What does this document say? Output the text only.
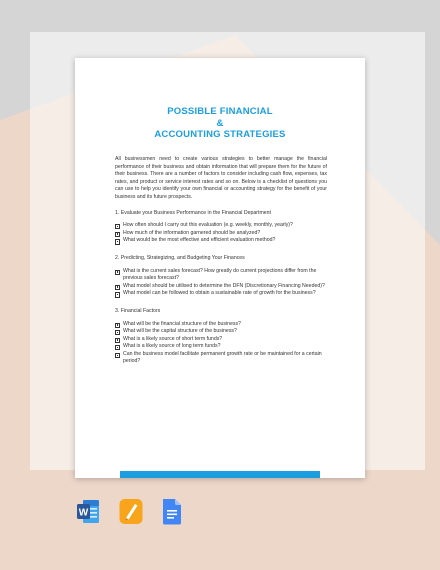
POSSIBLE FINANCIAL
&
ACCOUNTING STRATEGIES

All businessmen need to create various strategies to better manage the financial performance of their business and obtain information that will prepare them for the future of their business. There are a number of factors to consider including cash flow, expenses, tax rates, and product or service interest rates and so on. Below is a checklist of questions you can use to help you identify your own financial or accounting strategy for the benefit of your business and its future prospects.

1. Evaluate your Business Performance in the Financial Department

How often should I carry out this evaluation (e.g. weekly, monthly, yearly)?
How much of the information garnered should be analyzed?
What would be the most effective and efficient evaluation method?

2. Predicting, Strategizing, and Budgeting Your Finances

What is the current sales forecast? How greatly do current projections differ from the previous sales forecast?
What model should be utilised to determine the DFN (Discretionary Financing Needed)?
What model can be followed to obtain a sustainable rate of growth for the business?

3. Financial Factors

What will be the financial structure of the business?
What will be the capital structure of the business?
What is a likely source of short term funds?
What is a likely source of long term funds?
Can the business model facilitate permanent growth rate or be maintained for a certain period?
W
